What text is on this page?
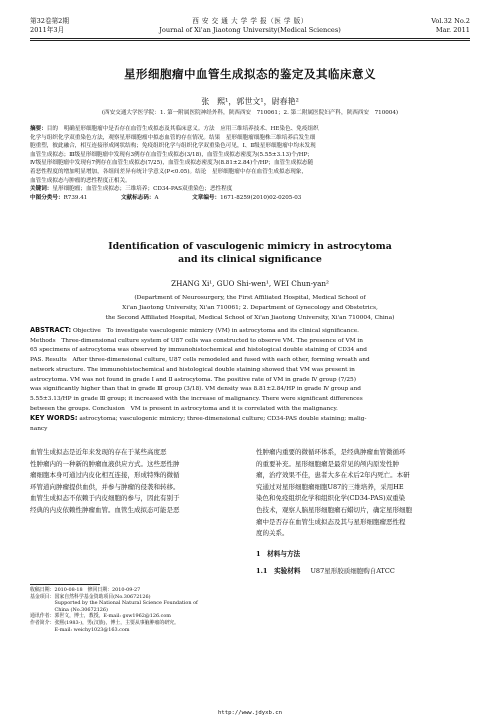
第32卷第2期
2011年3月
西 安 交 通 大 学 学 报（医 学 版）
Journal of Xi'an Jiaotong University(Medical Sciences)
Vol.32 No.2
Mar. 2011
星形细胞瘤中血管生成拟态的鉴定及其临床意义
张　熙¹，郭世文¹，尉春艳²
(西安交通大学医学院：1. 第一附属医院神经外科，陕西西安　710061；2. 第二附属医院妇产科，陕西西安　710004)
摘要：目的　明确星形细胞瘤中是否存在血管生成拟态及其临床意义。方法　应用三维培养技术、HE染色、免疫组织
化学与组织化学双重染色方法，观察星形细胞瘤中拟态血管的存在情况。结果　星形细胞瘤细胞株三维培养后发生细
胞重塑，彼此融合，相互连接形成网状结构；免疫组织化学与组织化学双重染色可见，Ⅰ、Ⅱ级星形细胞瘤中均未发现
血管生成拟态；Ⅲ级星形细胞瘤中发现有3例存在血管生成拟态(3/18)，血管生成拟态密度为(5.55±3.13)个/HP；
Ⅳ级星形细胞瘤中发现有7例存在血管生成拟态(7/25)，血管生成拟态密度为(8.81±2.84)个/HP；血管生成拟态随
着恶性程度的增加明显增加，各组间差异有统计学意义(P<0.05)。结论　星形细胞瘤中存在血管生成拟态现象，
血管生成拟态与肿瘤的恶性程度正相关。
关键词：星形细胞瘤；血管生成拟态；三维培养；CD34-PAS双重染色；恶性程度
中图分类号：R739.41	文献标志码：A	文章编号：1671-8259(2010)02-0205-03
Identification of vasculogenic mimicry in astrocytoma
and its clinical significance
ZHANG Xi¹, GUO Shi-wen¹, WEI Chun-yan²
(Department of Neurosurgery, the First Affiliated Hospital, Medical School of
Xi'an Jiaotong University, Xi'an 710061; 2. Department of Gynecology and Obstetrics,
the Second Affiliated Hospital, Medical School of Xi'an Jiaotong University, Xi'an 710004, China)
ABSTRACT: Objective　To investigate vasculogenic mimicry (VM) in astrocytoma and its clinical significance.
Methods　Three-dimensional culture system of U87 cells was constructed to observe VM. The presence of VM in
65 specimens of astrocytoma was observed by immunohistochemical and histological double staining of CD34 and
PAS. Results　After three-dimensional culture, U87 cells remodeled and fused with each other, forming wreath and
network structure. The immunohistochemical and histological double staining showed that VM was present in
astrocytoma. VM was not found in grade Ⅰ and Ⅱ astrocytoma. The positive rate of VM in grade Ⅳ group (7/25)
was significantly higher than that in grade Ⅲ group (3/18). VM density was 8.81±2.84/HP in grade Ⅳ group and
5.55±3.13/HP in grade Ⅲ group; it increased with the increase of malignancy. There were significant differences
between the groups. Conclusion　VM is present in astrocytoma and it is correlated with the malignancy.
KEY WORDS: astrocytoma; vasculogenic mimicry; three-dimensional culture; CD34-PAS double staining; malig-
nancy
血管生成拟态是近年来发现的存在于某些高度恶
性肿瘤内的一种新的肿瘤血液供应方式。这些恶性肿
瘤细胞本身可通过内皮化相互连接，形成特殊的微循
环管道向肿瘤提供血供，并参与肿瘤的侵袭和转移。
血管生成拟态不依赖于内皮细胞的参与，因此有别于
经典的内皮依赖性肿瘤血管。血管生成拟态可能是恶
性肿瘤内重要的微循环体系，是经典肿瘤血管微循环
的重要补充。星形细胞瘤是最常见的颅内原发性肿
瘤，治疗效果不佳，患者大多在术后2年内死亡。本研
究通过对星形细胞瘤细胞U87的三维培养，采用HE
染色和免疫组织化学和组织化学(CD34-PAS)双重染
色技术，观察人脑星形细胞瘤石蜡切片，确定星形细胞
瘤中是否存在血管生成拟态及其与星形细胞瘤恶性程
度的关系。
1　材料与方法
1.1　实验材料 U87星形胶质细胞购自ATCC
收稿日期：2010-08-18　修回日期：2010-09-27
基金项目：国家自然科学基金资助项目(No.30672126)
　　　　　Supported by the National Natural Science Foundation of
　　　　　China (No.30672126)
通讯作者：郭世文，博士，教授。E-mail: gsw1962@126.com
作者简介：张熙(1983-)，男(汉族)，博士，主要从事脑肿瘤的研究。
　　　　　E-mail: weichy1023@163.com
http://www.jdyxb.cn
